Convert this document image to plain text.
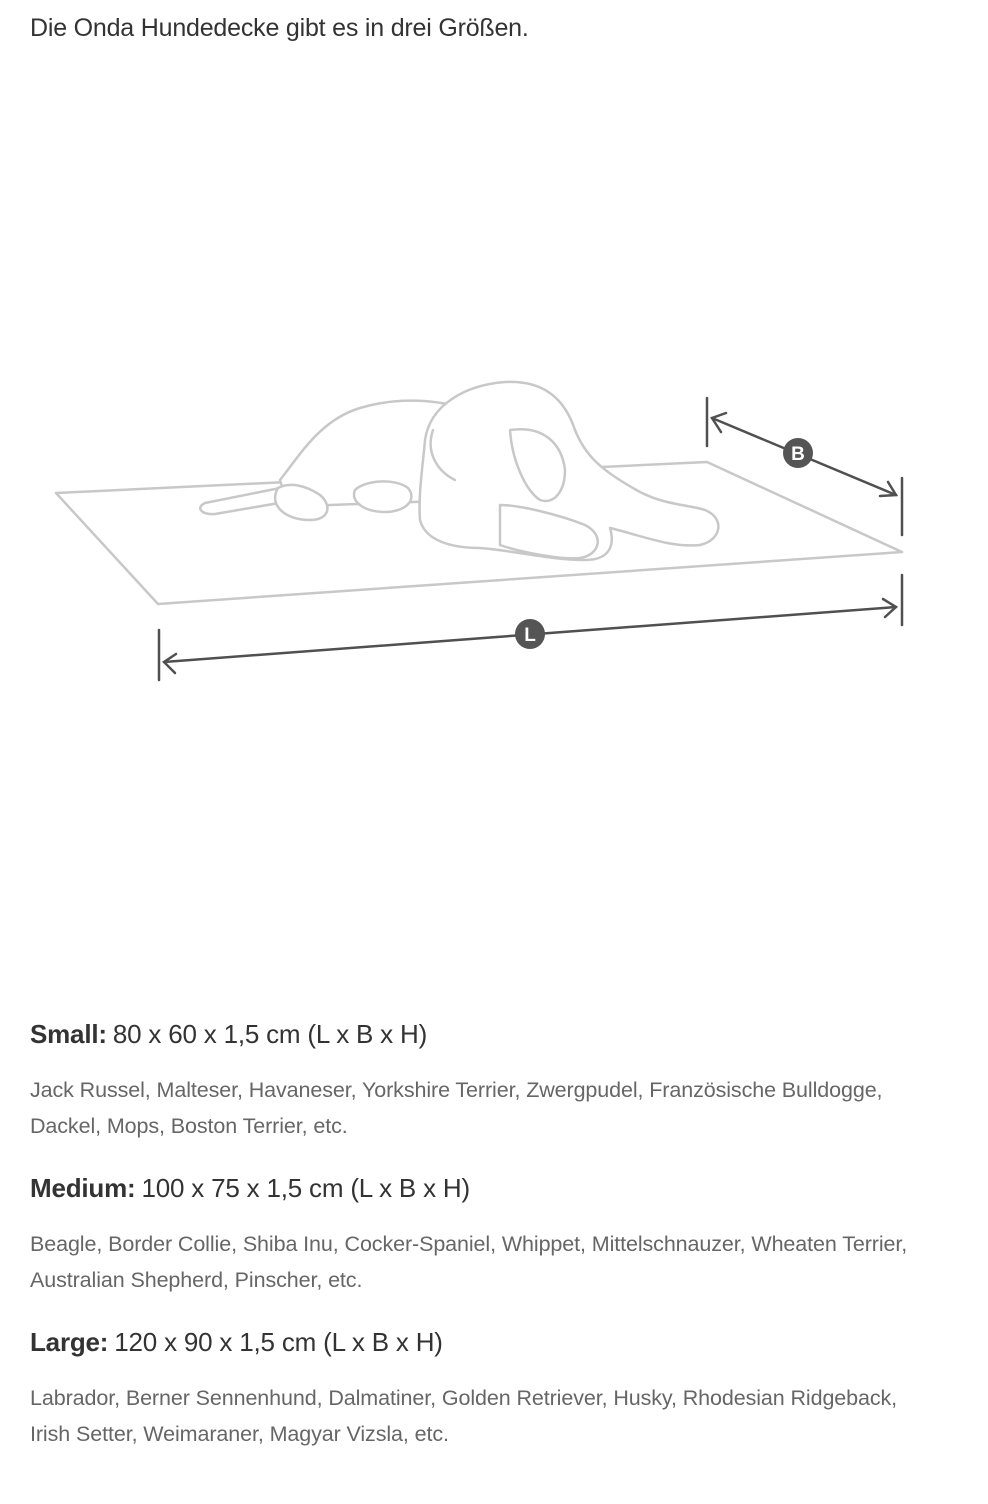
Die Onda Hundedecke gibt es in drei Größen.

B
L

Small: 80 x 60 x 1,5 cm (L x B x H)

Jack Russel, Malteser, Havaneser, Yorkshire Terrier, Zwergpudel, Französische Bulldogge, Dackel, Mops, Boston Terrier, etc.

Medium: 100 x 75 x 1,5 cm (L x B x H)

Beagle, Border Collie, Shiba Inu, Cocker-Spaniel, Whippet, Mittelschnauzer, Wheaten Terrier, Australian Shepherd, Pinscher, etc.

Large: 120 x 90 x 1,5 cm (L x B x H)

Labrador, Berner Sennenhund, Dalmatiner, Golden Retriever, Husky, Rhodesian Ridgeback, Irish Setter, Weimaraner, Magyar Vizsla, etc.
